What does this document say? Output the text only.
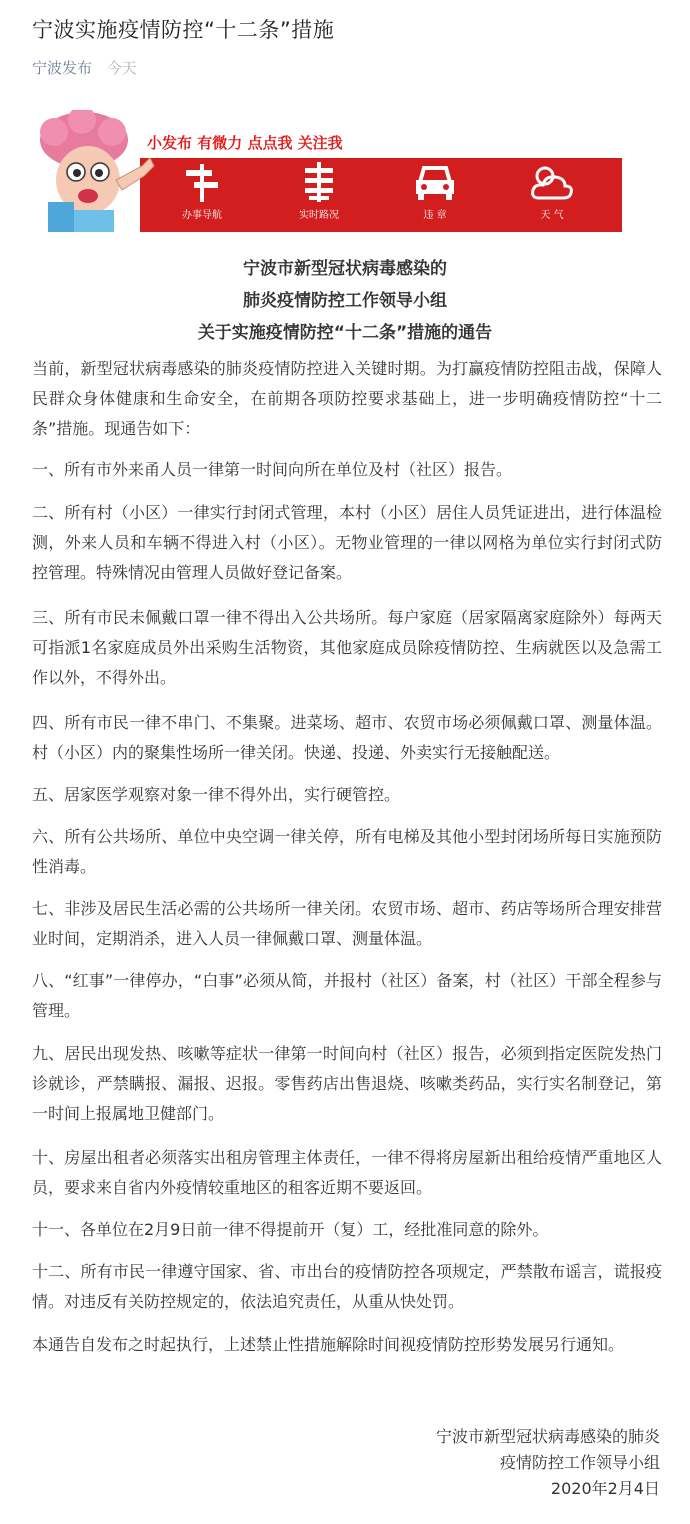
宁波实施疫情防控“十二条”措施
宁波发布 今天
小发布 有微力 点点我 关注我
办事导航	实时路况	违 章	天 气
宁波市新型冠状病毒感染的
肺炎疫情防控工作领导小组
关于实施疫情防控“十二条”措施的通告
当前，新型冠状病毒感染的肺炎疫情防控进入关键时期。为打赢疫情防控阻击战，保障人民群众身体健康和生命安全，在前期各项防控要求基础上，进一步明确疫情防控“十二条”措施。现通告如下：
一、所有市外来甬人员一律第一时间向所在单位及村（社区）报告。
二、所有村（小区）一律实行封闭式管理，本村（小区）居住人员凭证进出，进行体温检测，外来人员和车辆不得进入村（小区）。无物业管理的一律以网格为单位实行封闭式防控管理。特殊情况由管理人员做好登记备案。
三、所有市民未佩戴口罩一律不得出入公共场所。每户家庭（居家隔离家庭除外）每两天可指派1名家庭成员外出采购生活物资，其他家庭成员除疫情防控、生病就医以及急需工作以外，不得外出。
四、所有市民一律不串门、不集聚。进菜场、超市、农贸市场必须佩戴口罩、测量体温。村（小区）内的聚集性场所一律关闭。快递、投递、外卖实行无接触配送。
五、居家医学观察对象一律不得外出，实行硬管控。
六、所有公共场所、单位中央空调一律关停，所有电梯及其他小型封闭场所每日实施预防性消毒。
七、非涉及居民生活必需的公共场所一律关闭。农贸市场、超市、药店等场所合理安排营业时间，定期消杀，进入人员一律佩戴口罩、测量体温。
八、“红事”一律停办，“白事”必须从简，并报村（社区）备案，村（社区）干部全程参与管理。
九、居民出现发热、咳嗽等症状一律第一时间向村（社区）报告，必须到指定医院发热门诊就诊，严禁瞒报、漏报、迟报。零售药店出售退烧、咳嗽类药品，实行实名制登记，第一时间上报属地卫健部门。
十、房屋出租者必须落实出租房管理主体责任，一律不得将房屋新出租给疫情严重地区人员，要求来自省内外疫情较重地区的租客近期不要返回。
十一、各单位在2月9日前一律不得提前开（复）工，经批准同意的除外。
十二、所有市民一律遵守国家、省、市出台的疫情防控各项规定，严禁散布谣言，谎报疫情。对违反有关防控规定的，依法追究责任，从重从快处罚。
本通告自发布之时起执行，上述禁止性措施解除时间视疫情防控形势发展另行通知。
宁波市新型冠状病毒感染的肺炎
疫情防控工作领导小组
2020年2月4日
